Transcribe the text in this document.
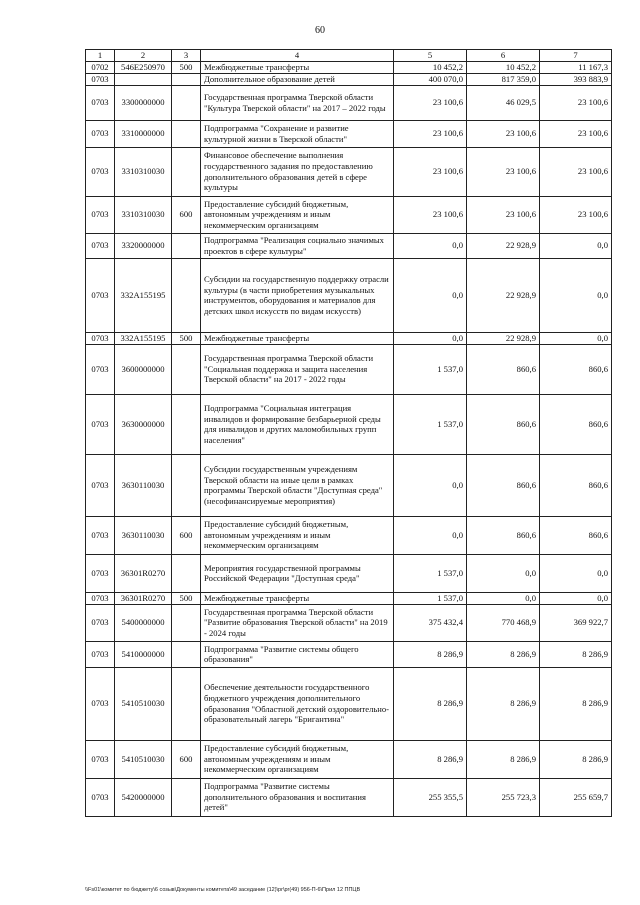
60
1	2	3	4	5	6	7
0702	546E250970	500	Межбюджетные трансферты	10 452,2	10 452,2	11 167,3
0703			Дополнительное образование детей	400 070,0	817 359,0	393 883,9
0703	3300000000		Государственная программа Тверской области "Культура Тверской области" на 2017 – 2022 годы	23 100,6	46 029,5	23 100,6
0703	3310000000		Подпрограмма "Сохранение и развитие культурной жизни в Тверской области"	23 100,6	23 100,6	23 100,6
0703	3310310030		Финансовое обеспечение выполнения государственного задания по предоставлению дополнительного образования детей в сфере культуры	23 100,6	23 100,6	23 100,6
0703	3310310030	600	Предоставление субсидий бюджетным, автономным учреждениям и иным некоммерческим организациям	23 100,6	23 100,6	23 100,6
0703	3320000000		Подпрограмма "Реализация социально значимых проектов в сфере культуры"	0,0	22 928,9	0,0
0703	332A155195		Субсидии на государственную поддержку отрасли культуры (в части приобретения музыкальных инструментов, оборудования и материалов для детских школ искусств по видам искусств)	0,0	22 928,9	0,0
0703	332A155195	500	Межбюджетные трансферты	0,0	22 928,9	0,0
0703	3600000000		Государственная программа Тверской области "Социальная поддержка и защита населения Тверской области" на 2017 - 2022 годы	1 537,0	860,6	860,6
0703	3630000000		Подпрограмма "Социальная интеграция инвалидов и формирование безбарьерной среды для инвалидов и других маломобильных групп населения"	1 537,0	860,6	860,6
0703	3630110030		Субсидии государственным учреждениям Тверской области на иные цели в рамках программы Тверской области "Доступная среда" (несофинансируемые мероприятия)	0,0	860,6	860,6
0703	3630110030	600	Предоставление субсидий бюджетным, автономным учреждениям и иным некоммерческим организациям	0,0	860,6	860,6
0703	36301R0270		Мероприятия государственной программы Российской Федерации "Доступная среда"	1 537,0	0,0	0,0
0703	36301R0270	500	Межбюджетные трансферты	1 537,0	0,0	0,0
0703	5400000000		Государственная программа Тверской области "Развитие образования Тверской области" на 2019 - 2024 годы	375 432,4	770 468,9	369 922,7
0703	5410000000		Подпрограмма "Развитие системы общего образования"	8 286,9	8 286,9	8 286,9
0703	5410510030		Обеспечение деятельности государственного бюджетного учреждения дополнительного образования "Областной детский оздоровительно-образовательный лагерь "Бригантина"	8 286,9	8 286,9	8 286,9
0703	5410510030	600	Предоставление субсидий бюджетным, автономным учреждениям и иным некоммерческим организациям	8 286,9	8 286,9	8 286,9
0703	5420000000		Подпрограмма "Развитие системы дополнительного образования и воспитания детей"	255 355,5	255 723,3	255 659,7
\\Fs01\комитет по бюджету\6 созыв\Документы комитета\49 заседание (12)\pr\pr(49) 956-П-6\Прил 12 ППЦВ
